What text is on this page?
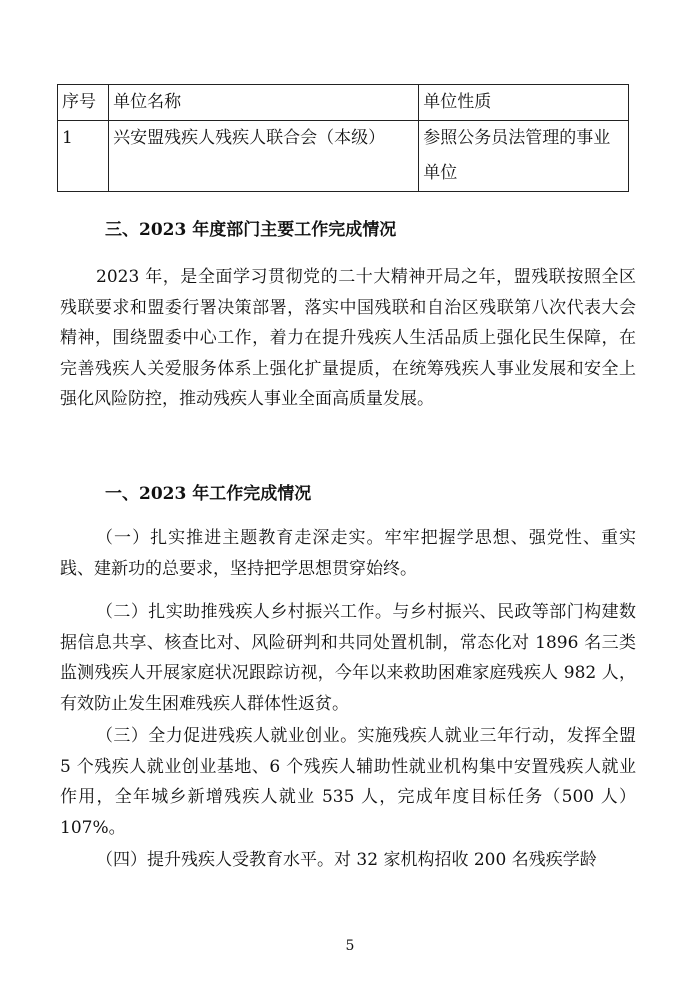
序号	单位名称	单位性质
1	兴安盟残疾人残疾人联合会（本级）	参照公务员法管理的事业单位
三、2023 年度部门主要工作完成情况

2023 年，是全面学习贯彻党的二十大精神开局之年，盟残联按照全区残联要求和盟委行署决策部署，落实中国残联和自治区残联第八次代表大会精神，围绕盟委中心工作，着力在提升残疾人生活品质上强化民生保障，在完善残疾人关爱服务体系上强化扩量提质，在统筹残疾人事业发展和安全上强化风险防控，推动残疾人事业全面高质量发展。

一、2023 年工作完成情况

（一）扎实推进主题教育走深走实。牢牢把握学思想、强党性、重实践、建新功的总要求，坚持把学思想贯穿始终。

（二）扎实助推残疾人乡村振兴工作。与乡村振兴、民政等部门构建数据信息共享、核查比对、风险研判和共同处置机制，常态化对 1896 名三类监测残疾人开展家庭状况跟踪访视，今年以来救助困难家庭残疾人 982 人，有效防止发生困难残疾人群体性返贫。

（三）全力促进残疾人就业创业。实施残疾人就业三年行动，发挥全盟 5 个残疾人就业创业基地、6 个残疾人辅助性就业机构集中安置残疾人就业作用，全年城乡新增残疾人就业 535 人，完成年度目标任务（500 人）107%。

（四）提升残疾人受教育水平。对 32 家机构招收 200 名残疾学龄

5
